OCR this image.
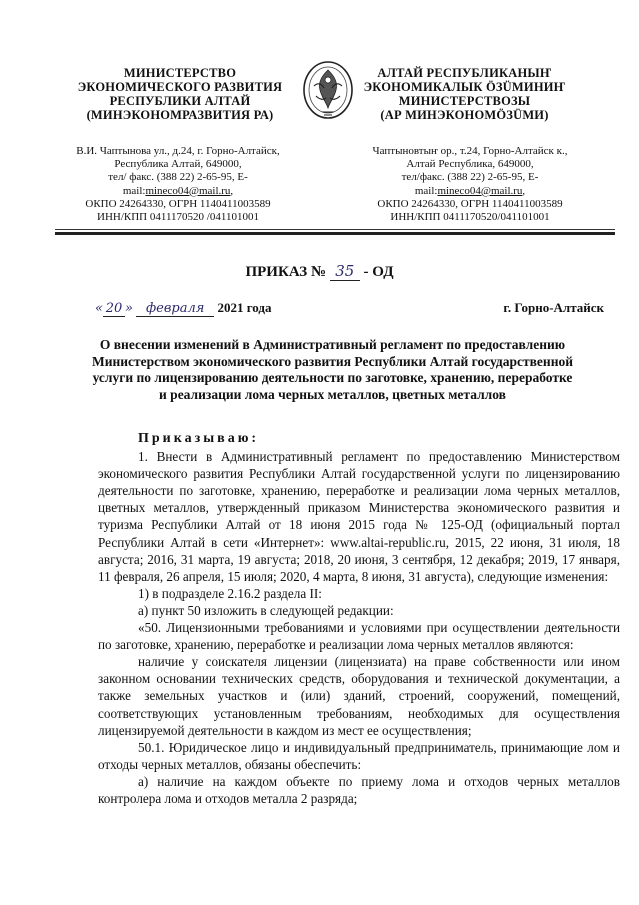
МИНИСТЕРСТВО
ЭКОНОМИЧЕСКОГО РАЗВИТИЯ
РЕСПУБЛИКИ АЛТАЙ
(МИНЭКОНОМРАЗВИТИЯ РА)
АЛТАЙ РЕСПУБЛИКАНЫҤ
ЭКОНОМИКАЛЫК ÖЗÜМИНИҤ
МИНИСТЕРСТВОЗЫ
(АР МИНЭКОНОМÖЗÜМИ)
В.И. Чаптынова ул., д.24, г. Горно-Алтайск,
Республика Алтай, 649000,
тел/ факс. (388 22) 2-65-95, E-
mail:mineco04@mail.ru,
ОКПО 24264330, ОГРН 1140411003589
ИНН/КПП 0411170520 /041101001
Чаптыновтыҥ ор., т.24, Горно-Алтайск к.,
Алтай Республика, 649000,
тел/факс. (388 22) 2-65-95, E-
mail:mineco04@mail.ru,
ОКПО 24264330, ОГРН 1140411003589
ИНН/КПП 0411170520/041101001
ПРИКАЗ № 35 - ОД
« 20 » февраля 2021 года	г. Горно-Алтайск
О внесении изменений в Административный регламент по предоставлению Министерством экономического развития Республики Алтай государственной услуги по лицензированию деятельности по заготовке, хранению, переработке и реализации лома черных металлов, цветных металлов

Приказываю:

1. Внести в Административный регламент по предоставлению Министерством экономического развития Республики Алтай государственной услуги по лицензированию деятельности по заготовке, хранению, переработке и реализации лома черных металлов, цветных металлов, утвержденный приказом Министерства экономического развития и туризма Республики Алтай от 18 июня 2015 года № 125-ОД (официальный портал Республики Алтай в сети «Интернет»: www.altai-republic.ru, 2015, 22 июня, 31 июля, 18 августа; 2016, 31 марта, 19 августа; 2018, 20 июня, 3 сентября, 12 декабря; 2019, 17 января, 11 февраля, 26 апреля, 15 июля; 2020, 4 марта, 8 июня, 31 августа), следующие изменения:

1) в подразделе 2.16.2 раздела II:

а) пункт 50 изложить в следующей редакции:

«50. Лицензионными требованиями и условиями при осуществлении деятельности по заготовке, хранению, переработке и реализации лома черных металлов являются:

наличие у соискателя лицензии (лицензиата) на праве собственности или ином законном основании технических средств, оборудования и технической документации, а также земельных участков и (или) зданий, строений, сооружений, помещений, соответствующих установленным требованиям, необходимых для осуществления лицензируемой деятельности в каждом из мест ее осуществления;

50.1. Юридическое лицо и индивидуальный предприниматель, принимающие лом и отходы черных металлов, обязаны обеспечить:

а) наличие на каждом объекте по приему лома и отходов черных металлов контролера лома и отходов металла 2 разряда;
